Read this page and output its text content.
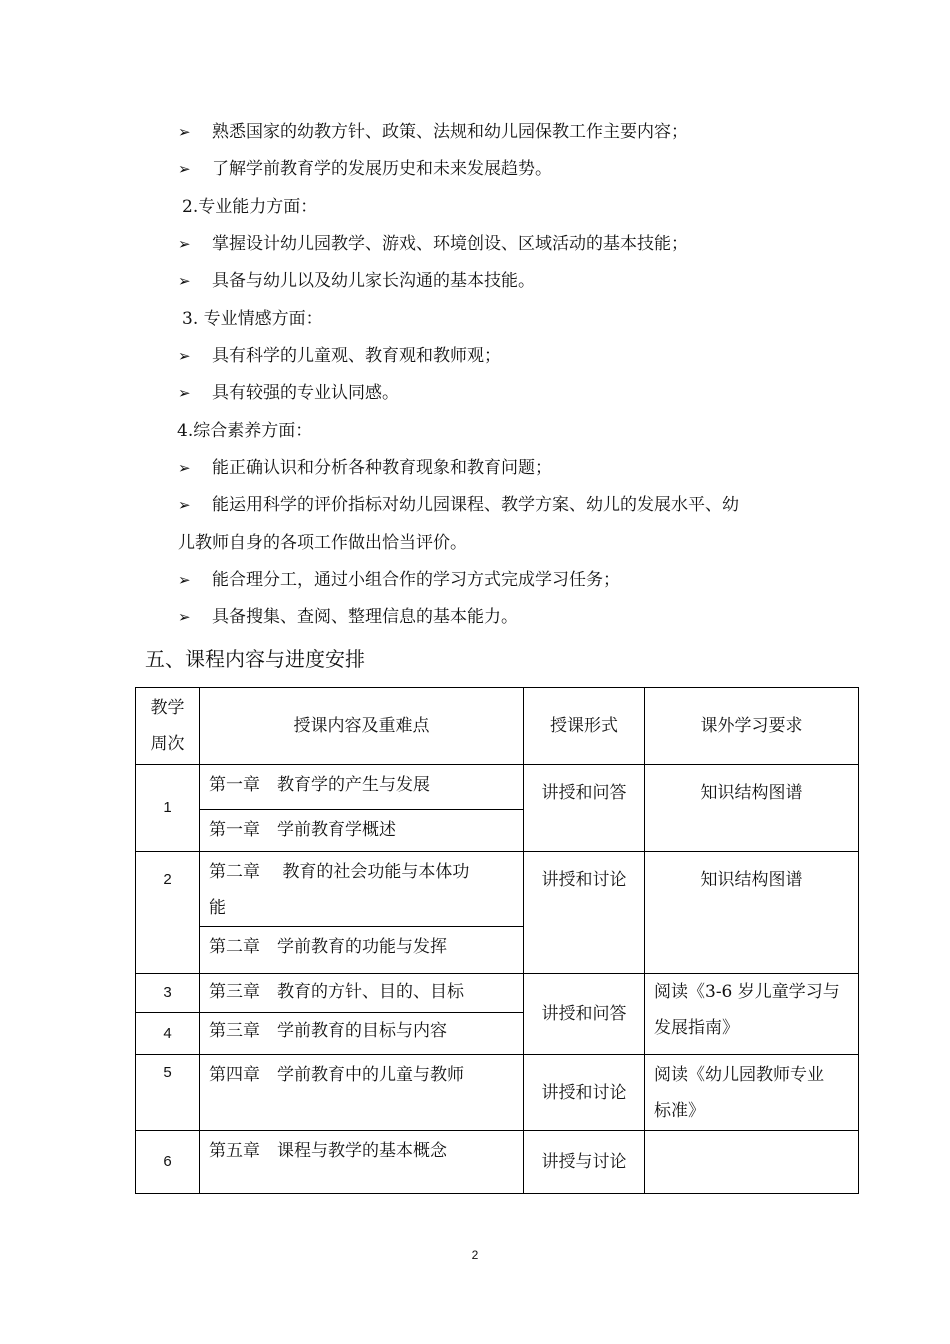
➢ 熟悉国家的幼教方针、政策、法规和幼儿园保教工作主要内容；
➢ 了解学前教育学的发展历史和未来发展趋势。
2.专业能力方面：
➢ 掌握设计幼儿园教学、游戏、环境创设、区域活动的基本技能；
➢ 具备与幼儿以及幼儿家长沟通的基本技能。
3. 专业情感方面：
➢ 具有科学的儿童观、教育观和教师观；
➢ 具有较强的专业认同感。
4.综合素养方面：
➢ 能正确认识和分析各种教育现象和教育问题；
➢ 能运用科学的评价指标对幼儿园课程、教学方案、幼儿的发展水平、幼
儿教师自身的各项工作做出恰当评价。
➢ 能合理分工，通过小组合作的学习方式完成学习任务；
➢ 具备搜集、查阅、整理信息的基本能力。
五、课程内容与进度安排
教学
周次	授课内容及重难点	授课形式	课外学习要求
1	第一章　教育学的产生与发展	讲授和问答	知识结构图谱
	第一章　学前教育学概述		
2	第二章　 教育的社会功能与本体功
能	讲授和讨论	知识结构图谱
	第二章　学前教育的功能与发挥		
3	第三章　教育的方针、目的、目标	讲授和问答	阅读《3-6 岁儿童学习与
发展指南》

4	第三章　学前教育的目标与内容		
5	第四章　学前教育中的儿童与教师	讲授和讨论	阅读《幼儿园教师专业
标准》

6	第五章　课程与教学的基本概念	讲授与讨论	
2
